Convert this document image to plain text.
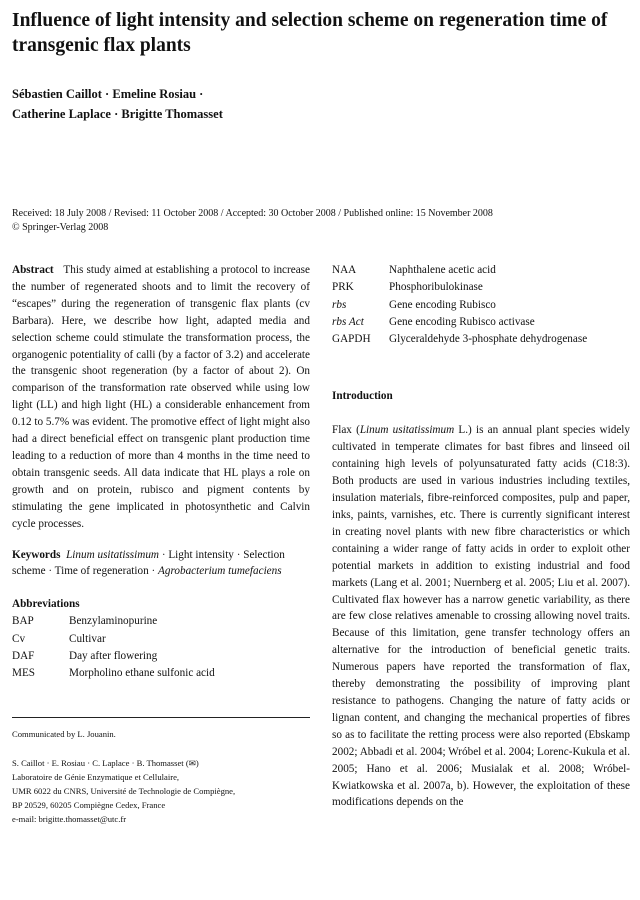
Influence of light intensity and selection scheme on regeneration time of transgenic flax plants
Sébastien Caillot · Emeline Rosiau ·
Catherine Laplace · Brigitte Thomasset
Received: 18 July 2008 / Revised: 11 October 2008 / Accepted: 30 October 2008 / Published online: 15 November 2008
© Springer-Verlag 2008

Abstract This study aimed at establishing a protocol to increase the number of regenerated shoots and to limit the recovery of “escapes” during the regeneration of transgenic flax plants (cv Barbara). Here, we describe how light, adapted media and selection scheme could stimulate the transformation process, the organogenic potentiality of calli (by a factor of 3.2) and accelerate the transgenic shoot regeneration (by a factor of about 2). On comparison of the transformation rate observed while using low light (LL) and high light (HL) a considerable enhancement from 0.12 to 5.7% was evident. The promotive effect of light might also had a direct beneficial effect on transgenic plant production time leading to a reduction of more than 4 months in the time need to obtain transgenic seeds. All data indicate that HL plays a role on growth and on protein, rubisco and pigment contents by stimulating the gene implicated in photosynthetic and Calvin cycle processes.

Keywords Linum usitatissimum · Light intensity · Selection scheme · Time of regeneration · Agrobacterium tumefaciens
Abbreviations
BAP	Benzylaminopurine
Cv	Cultivar
DAF	Day after flowering
MES	Morpholino ethane sulfonic acid
Communicated by L. Jouanin.
S. Caillot · E. Rosiau · C. Laplace · B. Thomasset (✉)
Laboratoire de Génie Enzymatique et Cellulaire,
UMR 6022 du CNRS, Université de Technologie de Compiègne,
BP 20529, 60205 Compiègne Cedex, France
e-mail: brigitte.thomasset@utc.fr
NAA	Naphthalene acetic acid
PRK	Phosphoribulokinase
rbs	Gene encoding Rubisco
rbs Act	Gene encoding Rubisco activase
GAPDH	Glyceraldehyde 3-phosphate dehydrogenase
Introduction

Flax (Linum usitatissimum L.) is an annual plant species widely cultivated in temperate climates for bast fibres and linseed oil containing high levels of polyunsaturated fatty acids (C18:3). Both products are used in various industries including textiles, insulation materials, fibre-reinforced composites, pulp and paper, inks, paints, varnishes, etc. There is currently significant interest in creating novel plants with new fibre characteristics or which containing a wider range of fatty acids in order to exploit other potential markets in addition to existing industrial and food markets (Lang et al. 2001; Nuernberg et al. 2005; Liu et al. 2007). Cultivated flax however has a narrow genetic variability, as there are few close relatives amenable to crossing allowing novel traits. Because of this limitation, gene transfer technology offers an alternative for the introduction of beneficial genetic traits. Numerous papers have reported the transformation of flax, thereby demonstrating the possibility of improving plant resistance to pathogens. Changing the nature of fatty acids or lignan content, and changing the mechanical properties of fibres so as to facilitate the retting process were also reported (Ebskamp 2002; Abbadi et al. 2004; Wróbel et al. 2004; Lorenc-Kukula et al. 2005; Hano et al. 2006; Musialak et al. 2008; Wróbel-Kwiatkowska et al. 2007a, b). However, the exploitation of these modifications depends on the
